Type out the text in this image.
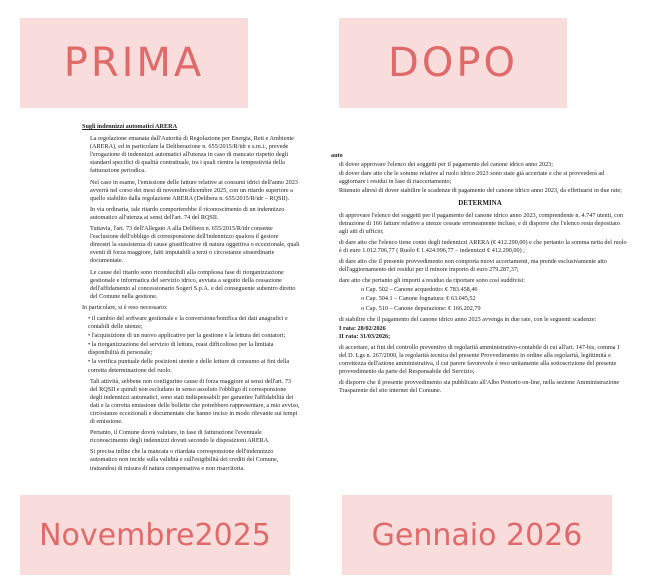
PRIMA	DOPO

Sugli indennizzi automatici ARERA

La regolazione emanata dall'Autorità di Regolazione per Energia, Reti e Ambiente (ARERA), ed in particolare la Deliberazione n. 655/2015/R/idr e s.m.i., prevede l'erogazione di indennizzi automatici all'utenza in caso di mancato rispetto degli standard specifici di qualità contrattuale, tra i quali rientra la tempestività della fatturazione periodica.

Nel caso in esame, l'emissione delle fatture relative ai consumi idrici dell'anno 2023 avverrà nel corso dei mesi di novembre/dicembre 2025, con un ritardo superiore a quello stabilito dalla regolazione ARERA (Delibera n. 655/2015/R/idr – RQSII).

In via ordinaria, tale ritardo comporterebbe il riconoscimento di un indennizzo automatico all'utenza ai sensi dell'art. 74 del RQSII.

Tuttavia, l'art. 73 dell'Allegato A alla Delibera n. 655/2015/R/idr consente l'esclusione dell'obbligo di corresponsione dell'indennizzo qualora il gestore dimostri la sussistenza di cause giustificative di natura oggettiva o eccezionale, quali eventi di forza maggiore, fatti imputabili a terzi o circostanze straordinarie documentate.

Le cause del ritardo sono riconducibili alla complessa fase di riorganizzazione gestionale e informatica del servizio idrico, avviata a seguito della cessazione dell'affidamento al concessionario Sogeri S.p.A. e del conseguente subentro diretto del Comune nella gestione.

In particolare, si è reso necessario:

• il cambio del software gestionale e la conversione/bonifica dei dati anagrafici e contabili delle utenze;
• l'acquisizione di un nuovo applicativo per la gestione e la lettura dei contatori;
• la riorganizzazione del servizio di lettura, reasi difficoltoso per la limitata disponibilità di personale;
• la verifica puntuale delle posizioni utente e delle letture di consumo ai fini della corretta determinazione del ruolo.

Tali attività, sebbene non configurino cause di forza maggiore ai sensi dell'art. 73 del RQSII e quindi non escludano in senso assoluto l'obbligo di corresponsione degli indennizzi automatici, sono stati indispensabili per garantire l'affidabilità dei dati e la corretta emissione delle bollette che potrebbero rappresentare, a mio avviso, circostanze eccezionali e documentate che hanno inciso in modo rilevante sui tempi di emissione.

Pertanto, il Comune dovrà valutare, in fase di fatturazione l'eventuale riconoscimento degli indennizzi dovuti secondo le disposizioni ARERA.

Si precisa infine che la mancata o ritardata corresponsione dell'indennizzo automatico non incide sulla validità e sull'esigibilità dei crediti del Comune, trattandosi di misura di natura compensativa e non risarcitoria.

auto

di dover approvare l'elenco dei soggetti per il pagamento del canone idrico anno 2023;

di dover dare atto che le somme relative al ruolo idrico 2023 sono state già accertate e che si provvederà ad aggiornare i residui in fase di riaccertamento;

Ritenuto altresì di dover stabilire le scadenze di pagamento del canone idrico anno 2023, da effettuarsi in due rate;

DETERMINA

di approvare l'elenco dei soggetti per il pagamento del canone idrico anno 2023, comprendente n. 4.747 utenti, con detrazione di 166 fatture relative a utenze cessate erroneamente incluse, e di disporre che l'elenco resta depositato agli atti di ufficio;

di dare atto che l'elenco tiene conto degli indennizzi ARERA (€ 412.290,00) e che pertanto la somma netta del ruolo è di euro 1.012.706,77 ( Ruolo € 1.424.996,77 – indennizzi € 412.290,00) ;

di dare atto che il presente provvedimento non comporta nuovi accertamenti, ma prende esclusivamente atto dell'aggiornamento dei residui per il minore importo di euro 279.287,37;

dare atto che pertanto gli importi a residuo da riportare sono così suddivisi:

o Cap. 502 – Canone acquedotto: € 783.458,46
o Cap. 504.1 – Canone fognatura: € 63.045,52
o Cap. 510 – Canone depurazione: € 166.202,79

di stabilire che il pagamento del canone idrico anno 2023 avvenga in due rate, con le seguenti scadenze:

I rata: 28/02/2026

II rata: 31/03/2026;

di accertare, ai fini del controllo preventivo di regolarità amministrativo-contabile di cui all'art. 147-bis, comma 1 del D. Lgs n. 267/2000, la regolarità tecnica del presente Provvedimento in ordine alla regolarità, legittimità e correttezza dell'azione amministrativa, il cui parere favorevole è reso unitamente alla sottoscrizione del presente provvedimento da parte del Responsabile del Servizio;

di disporre che il presente provvedimento sia pubblicato all'Albo Pretorio on-line, nella sezione Amministrazione Trasparente del sito internet del Comune.

Novembre2025	Gennaio 2026
